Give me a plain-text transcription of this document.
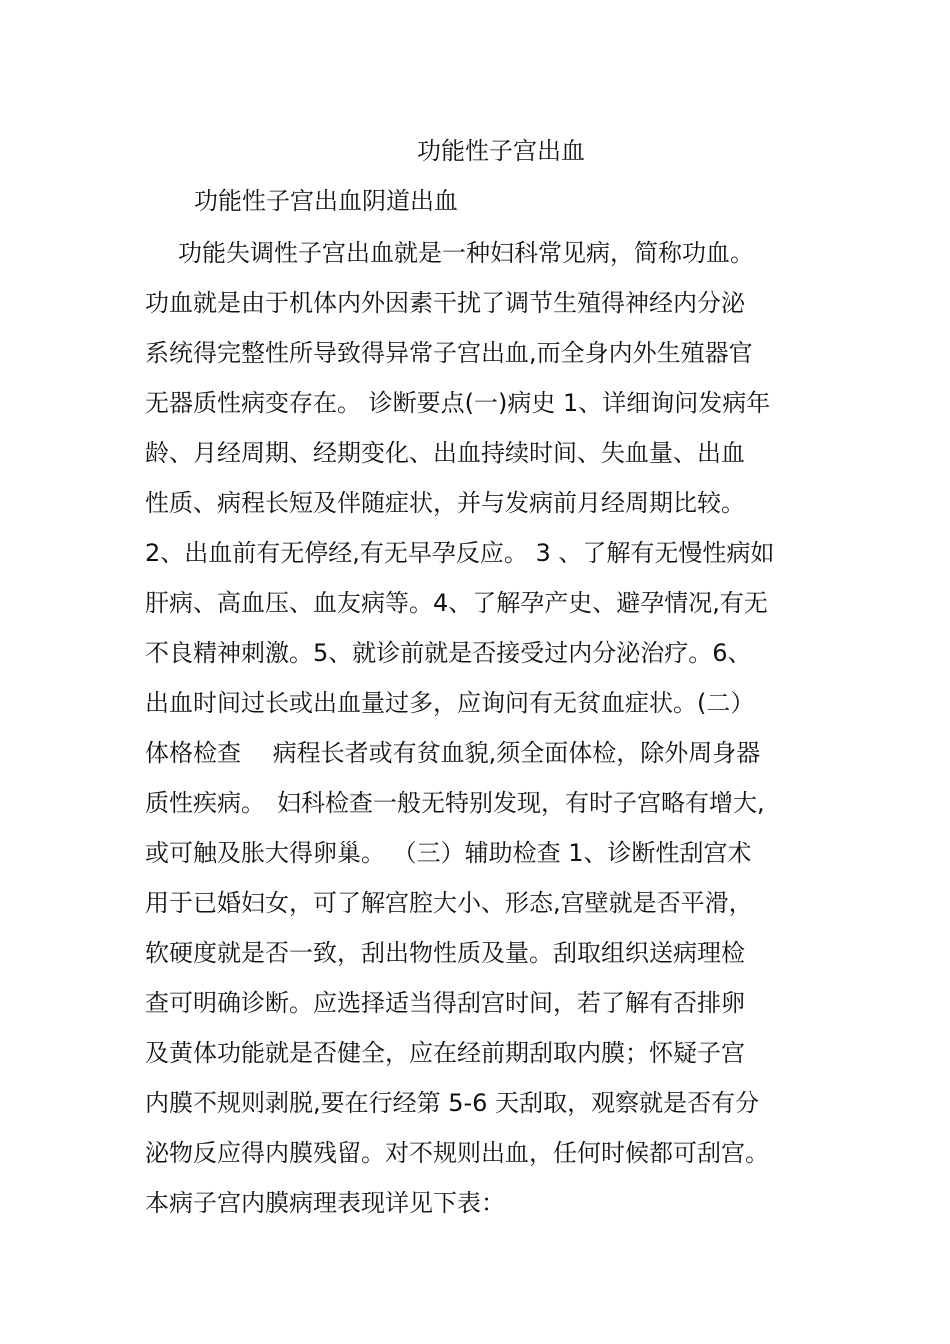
功能性子宫出血
功能性子宫出血阴道出血
功能失调性子宫出血就是一种妇科常见病，简称功血。
功血就是由于机体内外因素干扰了调节生殖得神经内分泌
系统得完整性所导致得异常子宫出血,而全身内外生殖器官
无器质性病变存在。 诊断要点(一)病史 1、详细询问发病年
龄、月经周期、经期变化、出血持续时间、失血量、出血
性质、病程长短及伴随症状，并与发病前月经周期比较。
2、出血前有无停经,有无早孕反应。 3 、了解有无慢性病如
肝病、高血压、血友病等。4、了解孕产史、避孕情况,有无
不良精神刺激。5、就诊前就是否接受过内分泌治疗。6、
出血时间过长或出血量过多，应询问有无贫血症状。(二）
体格检查　 病程长者或有贫血貌,须全面体检，除外周身器
质性疾病。　妇科检查一般无特别发现，有时子宫略有增大,
或可触及胀大得卵巢。 （三）辅助检查 1、诊断性刮宫术
用于已婚妇女，可了解宫腔大小、形态,宫壁就是否平滑，
软硬度就是否一致，刮出物性质及量。刮取组织送病理检
查可明确诊断。应选择适当得刮宫时间，若了解有否排卵
及黄体功能就是否健全，应在经前期刮取内膜；怀疑子宫
内膜不规则剥脱,要在行经第 5-6 天刮取，观察就是否有分
泌物反应得内膜残留。对不规则出血，任何时候都可刮宫。
本病子宫内膜病理表现详见下表：
